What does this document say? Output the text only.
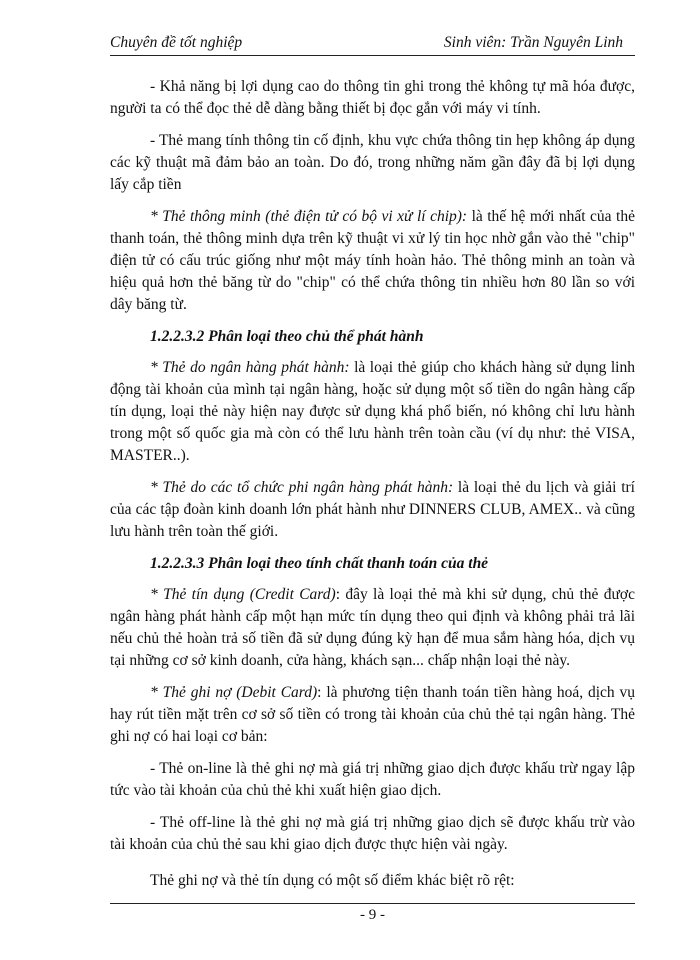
Chuyên đề tốt nghiệp	Sinh viên: Trần Nguyên Linh

- Khả năng bị lợi dụng cao do thông tin ghi trong thẻ không tự mã hóa được, người ta có thể đọc thẻ dễ dàng bằng thiết bị đọc gắn với máy vi tính.

- Thẻ mang tính thông tin cố định, khu vực chứa thông tin hẹp không áp dụng các kỹ thuật mã đảm bảo an toàn. Do đó, trong những năm gần đây đã bị lợi dụng lấy cắp tiền

* Thẻ thông minh (thẻ điện tử có bộ vi xử lí chip): là thế hệ mới nhất của thẻ thanh toán, thẻ thông minh dựa trên kỹ thuật vi xử lý tin học nhờ gắn vào thẻ "chip" điện tử có cấu trúc giống như một máy tính hoàn hảo. Thẻ thông minh an toàn và hiệu quả hơn thẻ băng từ do "chip" có thể chứa thông tin nhiều hơn 80 lần so với dây băng từ.

1.2.2.3.2 Phân loại theo chủ thể phát hành

* Thẻ do ngân hàng phát hành: là loại thẻ giúp cho khách hàng sử dụng linh động tài khoản của mình tại ngân hàng, hoặc sử dụng một số tiền do ngân hàng cấp tín dụng, loại thẻ này hiện nay được sử dụng khá phổ biến, nó không chỉ lưu hành trong một số quốc gia mà còn có thể lưu hành trên toàn cầu (ví dụ như: thẻ VISA, MASTER..).

* Thẻ do các tổ chức phi ngân hàng phát hành: là loại thẻ du lịch và giải trí của các tập đoàn kinh doanh lớn phát hành như DINNERS CLUB, AMEX.. và cũng lưu hành trên toàn thế giới.

1.2.2.3.3 Phân loại theo tính chất thanh toán của thẻ

* Thẻ tín dụng (Credit Card): đây là loại thẻ mà khi sử dụng, chủ thẻ được ngân hàng phát hành cấp một hạn mức tín dụng theo qui định và không phải trả lãi nếu chủ thẻ hoàn trả số tiền đã sử dụng đúng kỳ hạn để mua sắm hàng hóa, dịch vụ tại những cơ sở kinh doanh, cửa hàng, khách sạn... chấp nhận loại thẻ này.

* Thẻ ghi nợ (Debit Card): là phương tiện thanh toán tiền hàng hoá, dịch vụ hay rút tiền mặt trên cơ sở số tiền có trong tài khoản của chủ thẻ tại ngân hàng. Thẻ ghi nợ có hai loại cơ bản:

- Thẻ on-line là thẻ ghi nợ mà giá trị những giao dịch được khấu trừ ngay lập tức vào tài khoản của chủ thẻ khi xuất hiện giao dịch.

- Thẻ off-line là thẻ ghi nợ mà giá trị những giao dịch sẽ được khấu trừ vào tài khoản của chủ thẻ sau khi giao dịch được thực hiện vài ngày.

Thẻ ghi nợ và thẻ tín dụng có một số điểm khác biệt rõ rệt:

- 9 -
